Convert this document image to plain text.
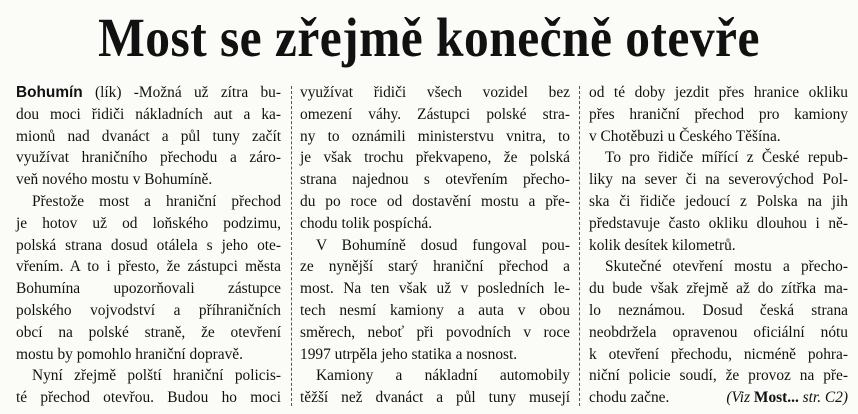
Most se zřejmě konečně otevře
Bohumín (lík) -Možná už zítra bu-
dou moci řidiči nákladních aut a ka-
mionů nad dvanáct a půl tuny začít
využívat hraničního přechodu a záro-
veň nového mostu v Bohumíně.
Přestože most a hraniční přechod
je hotov už od loňského podzimu,
polská strana dosud otálela s jeho ote-
vřením. A to i přesto, že zástupci města
Bohumína upozorňovali zástupce
polského vojvodství a příhraničních
obcí na polské straně, že otevření
mostu by pomohlo hraniční dopravě.
Nyní zřejmě polští hraniční policis-
té přechod otevřou. Budou ho moci
využívat řidiči všech vozidel bez
omezení váhy. Zástupci polské stra-
ny to oznámili ministerstvu vnitra, to
je však trochu překvapeno, že polská
strana najednou s otevřením přecho-
du po roce od dostavění mostu a pře-
chodu tolik pospíchá.
V Bohumíně dosud fungoval pou-
ze nynější starý hraniční přechod a
most. Na ten však už v posledních le-
tech nesmí kamiony a auta v obou
směrech, neboť při povodních v roce
1997 utrpěla jeho statika a nosnost.
Kamiony a nákladní automobily
těžší než dvanáct a půl tuny musejí
od té doby jezdit přes hranice okliku
přes hraniční přechod pro kamiony
v Chotěbuzi u Českého Těšína.
To pro řidiče mířící z České repub-
liky na sever či na severovýchod Pol-
ska či řidiče jedoucí z Polska na jih
představuje často okliku dlouhou i ně-
kolik desítek kilometrů.
Skutečné otevření mostu a přecho-
du bude však zřejmě až do zítřka ma-
lo neznámou. Dosud česká strana
neobdržela opravenou oficiální nótu
k otevření přechodu, nicméně pohra-
niční policie soudí, že provoz na pře-
chodu začne.	(Viz Most... str. C2)
